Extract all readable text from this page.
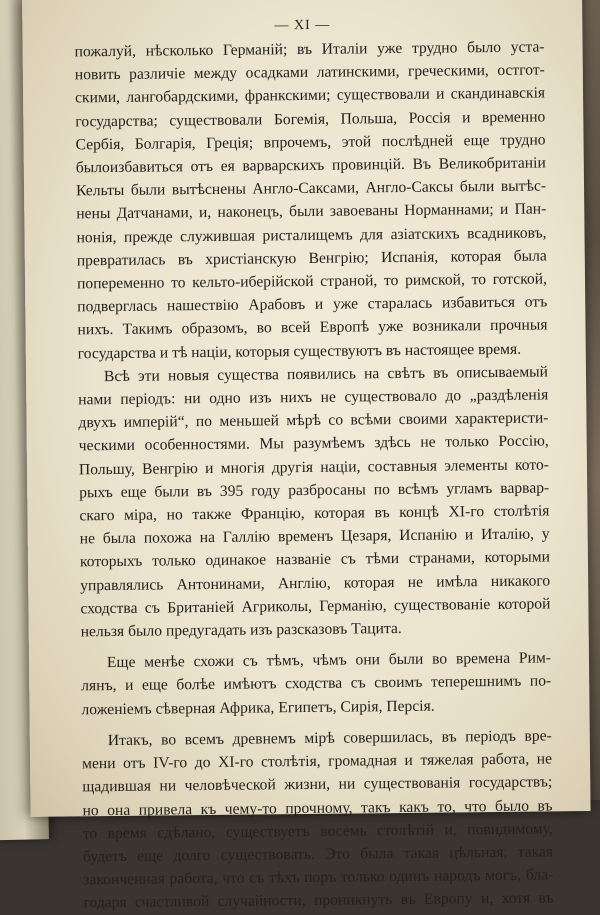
— XI —
пожалуй, нѣсколько Германій; въ Италіи уже трудно было уста-
новить различіе между осадками латинскими, греческими, остгот-
скими, лангобардскими, франкскими; существовали и скандинавскія
государства; существовали Богемія, Польша, Россія и временно
Сербія, Болгарія, Греція; впрочемъ, этой послѣдней еще трудно
былоизбавиться отъ ея варварскихъ провинцій. Въ Великобританіи
Кельты были вытѣснены Англо-Саксами, Англо-Саксы были вытѣс-
нены Датчанами, и, наконецъ, были завоеваны Норманнами; и Пан-
нонія, прежде служившая ристалищемъ для азіатскихъ всадниковъ,
превратилась въ христіанскую Венгрію; Испанія, которая была
попеременно то кельто-иберійской страной, то римской, то готской,
подверглась нашествію Арабовъ и уже старалась избавиться отъ
нихъ. Такимъ образомъ, во всей Европѣ уже возникали прочныя
государства и тѣ націи, которыя существуютъ въ настоящее время.
Всѣ эти новыя существа появились на свѣтъ въ описываемый
нами періодъ: ни одно изъ нихъ не существовало до „раздѣленія
двухъ имперій“, по меньшей мѣрѣ со всѣми своими характеристи-
ческими особенностями. Мы разумѣемъ здѣсь не только Россію,
Польшу, Венгрію и многія другія націи, составныя элементы кото-
рыхъ еще были въ 395 году разбросаны по всѣмъ угламъ варвар-
скаго міра, но также Францію, которая въ концѣ XI-го столѣтія
не была похожа на Галлію временъ Цезаря, Испанію и Италію, у
которыхъ только одинакое названіе съ тѣми странами, которыми
управлялись Антонинами, Англію, которая не имѣла никакого
сходства съ Британіей Агриколы, Германію, существованіе которой
нельзя было предугадать изъ разсказовъ Тацита.
Еще менѣе схожи съ тѣмъ, чѣмъ они были во времена Рим-
лянъ, и еще болѣе имѣютъ сходства съ своимъ теперешнимъ по-
ложеніемъ сѣверная Африка, Египетъ, Сирія, Персія.
Итакъ, во всемъ древнемъ мірѣ совершилась, въ періодъ вре-
мени отъ IV-го до XI-го столѣтія, громадная и тяжелая работа, не
щадившая ни человѣческой жизни, ни существованія государствъ;
но она привела къ чему-то прочному, такъ какъ то, что было въ
то время сдѣлано, существуетъ восемь столѣтій и, повидимому,
будетъ еще долго существовать. Это была такая цѣльная, такая
законченная работа, что съ тѣхъ поръ только одинъ народъ могъ, бла-
годаря счастливой случайности, проникнуть въ Европу и, хотя въ
